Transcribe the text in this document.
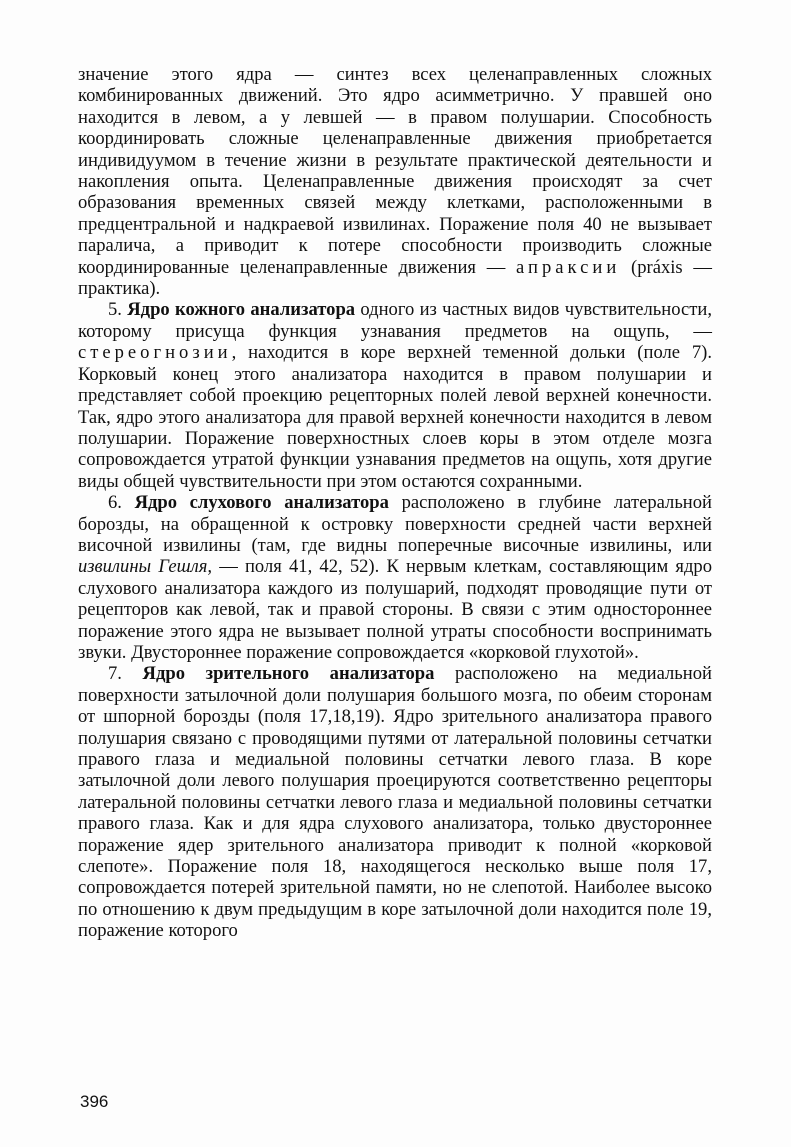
значение этого ядра — синтез всех целенаправленных сложных комбинированных движений. Это ядро асимметрично. У правшей оно находится в левом, а у левшей — в правом полушарии. Способность координировать сложные целенаправленные движения приобретается индивидуумом в течение жизни в результате практической деятельности и накопления опыта. Целенаправленные движения происходят за счет образования временных связей между клетками, расположенными в предцентральной и надкраевой извилинах. Поражение поля 40 не вызывает паралича, а приводит к потере способности производить сложные координированные целенаправленные движения — апраксии (práxis — практика).

5. Ядро кожного анализатора одного из частных видов чувствительности, которому присуща функция узнавания предметов на ощупь, — стереогнозии, находится в коре верхней теменной дольки (поле 7). Корковый конец этого анализатора находится в правом полушарии и представляет собой проекцию рецепторных полей левой верхней конечности. Так, ядро этого анализатора для правой верхней конечности находится в левом полушарии. Поражение поверхностных слоев коры в этом отделе мозга сопровождается утратой функции узнавания предметов на ощупь, хотя другие виды общей чувствительности при этом остаются сохранными.

6. Ядро слухового анализатора расположено в глубине латеральной борозды, на обращенной к островку поверхности средней части верхней височной извилины (там, где видны поперечные височные извилины, или извилины Гешля, — поля 41, 42, 52). К нервым клеткам, составляющим ядро слухового анализатора каждого из полушарий, подходят проводящие пути от рецепторов как левой, так и правой стороны. В связи с этим одностороннее поражение этого ядра не вызывает полной утраты способности воспринимать звуки. Двустороннее поражение сопровождается «корковой глухотой».

7. Ядро зрительного анализатора расположено на медиальной поверхности затылочной доли полушария большого мозга, по обеим сторонам от шпорной борозды (поля 17,18,19). Ядро зрительного анализатора правого полушария связано с проводящими путями от латеральной половины сетчатки правого глаза и медиальной половины сетчатки левого глаза. В коре затылочной доли левого полушария проецируются соответственно рецепторы латеральной половины сетчатки левого глаза и медиальной половины сетчатки правого глаза. Как и для ядра слухового анализатора, только двустороннее поражение ядер зрительного анализатора приводит к полной «корковой слепоте». Поражение поля 18, находящегося несколько выше поля 17, сопровождается потерей зрительной памяти, но не слепотой. Наиболее высоко по отношению к двум предыдущим в коре затылочной доли находится поле 19, поражение которого

396
